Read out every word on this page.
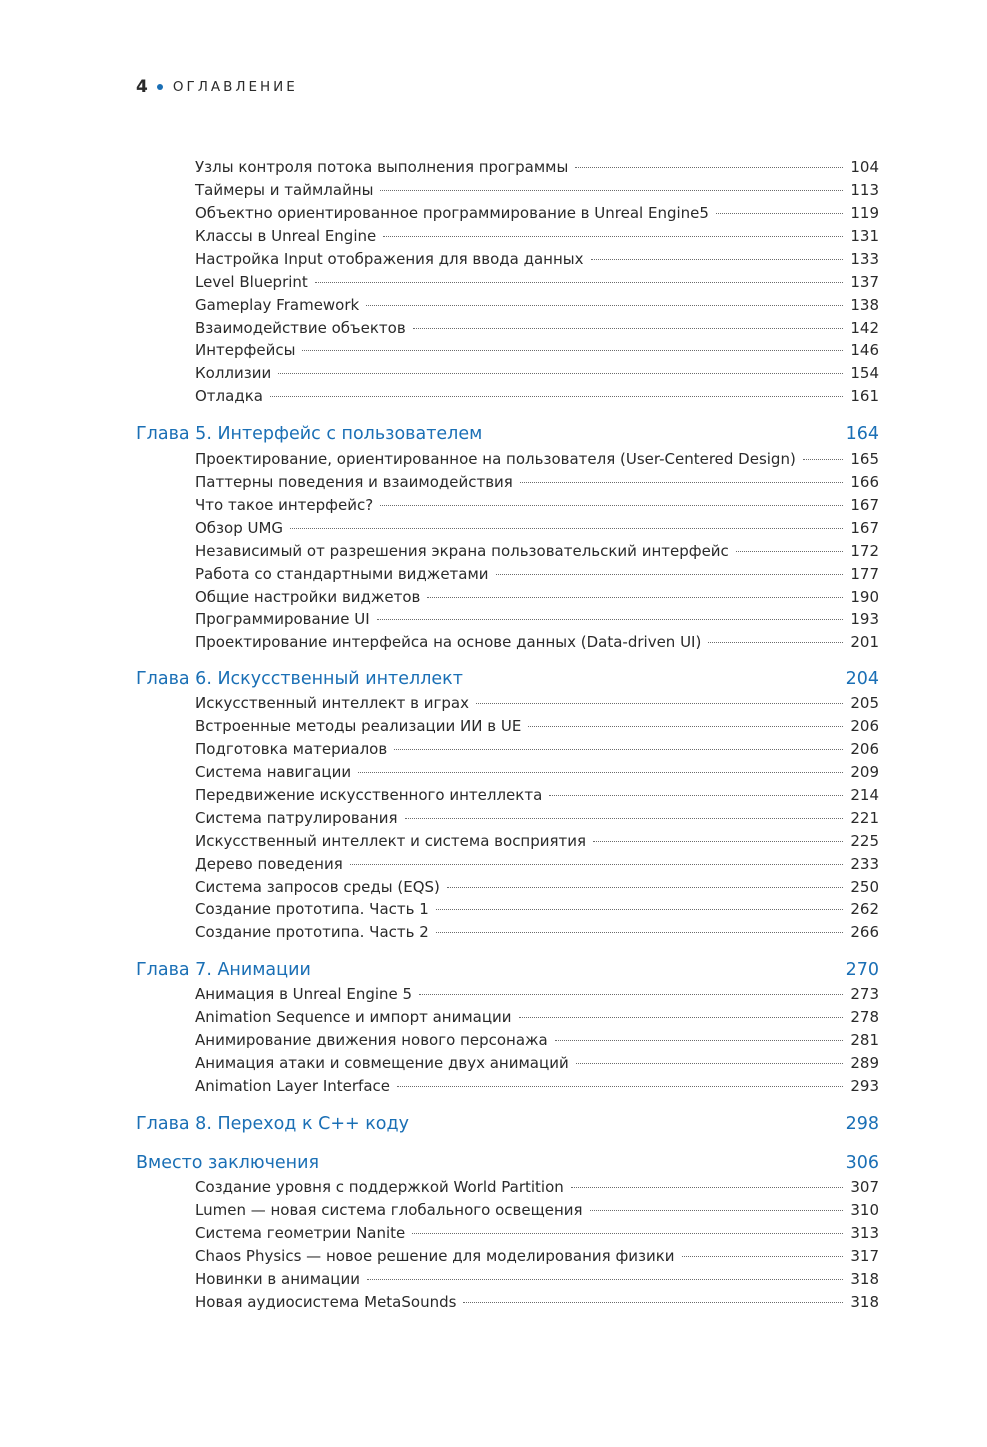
4 ОГЛАВЛЕНИЕ
Узлы контроля потока выполнения программы	104
Таймеры и таймлайны	113
Объектно ориентированное программирование в Unreal Engine5	119
Классы в Unreal Engine	131
Настройка Input отображения для ввода данных	133
Level Blueprint	137
Gameplay Framework	138
Взаимодействие объектов	142
Интерфейсы	146
Коллизии	154
Отладка	161
Глава 5. Интерфейс с пользователем	164
Проектирование, ориентированное на пользователя (User-Centered Design)	165
Паттерны поведения и взаимодействия	166
Что такое интерфейс?	167
Обзор UMG	167
Независимый от разрешения экрана пользовательский интерфейс	172
Работа со стандартными виджетами	177
Общие настройки виджетов	190
Программирование UI	193
Проектирование интерфейса на основе данных (Data-driven UI)	201
Глава 6. Искусственный интеллект	204
Искусственный интеллект в играх	205
Встроенные методы реализации ИИ в UE	206
Подготовка материалов	206
Система навигации	209
Передвижение искусственного интеллекта	214
Система патрулирования	221
Искусственный интеллект и система восприятия	225
Дерево поведения	233
Система запросов среды (EQS)	250
Создание прототипа. Часть 1	262
Создание прототипа. Часть 2	266
Глава 7. Анимации	270
Анимация в Unreal Engine 5	273
Animation Sequence и импорт анимации	278
Анимирование движения нового персонажа	281
Анимация атаки и совмещение двух анимаций	289
Animation Layer Interface	293
Глава 8. Переход к С++ коду	298
Вместо заключения	306
Создание уровня с поддержкой World Partition	307
Lumen — новая система глобального освещения	310
Система геометрии Nanite	313
Chaos Physics — новое решение для моделирования физики	317
Новинки в анимации	318
Новая аудиосистема MetaSounds	318
